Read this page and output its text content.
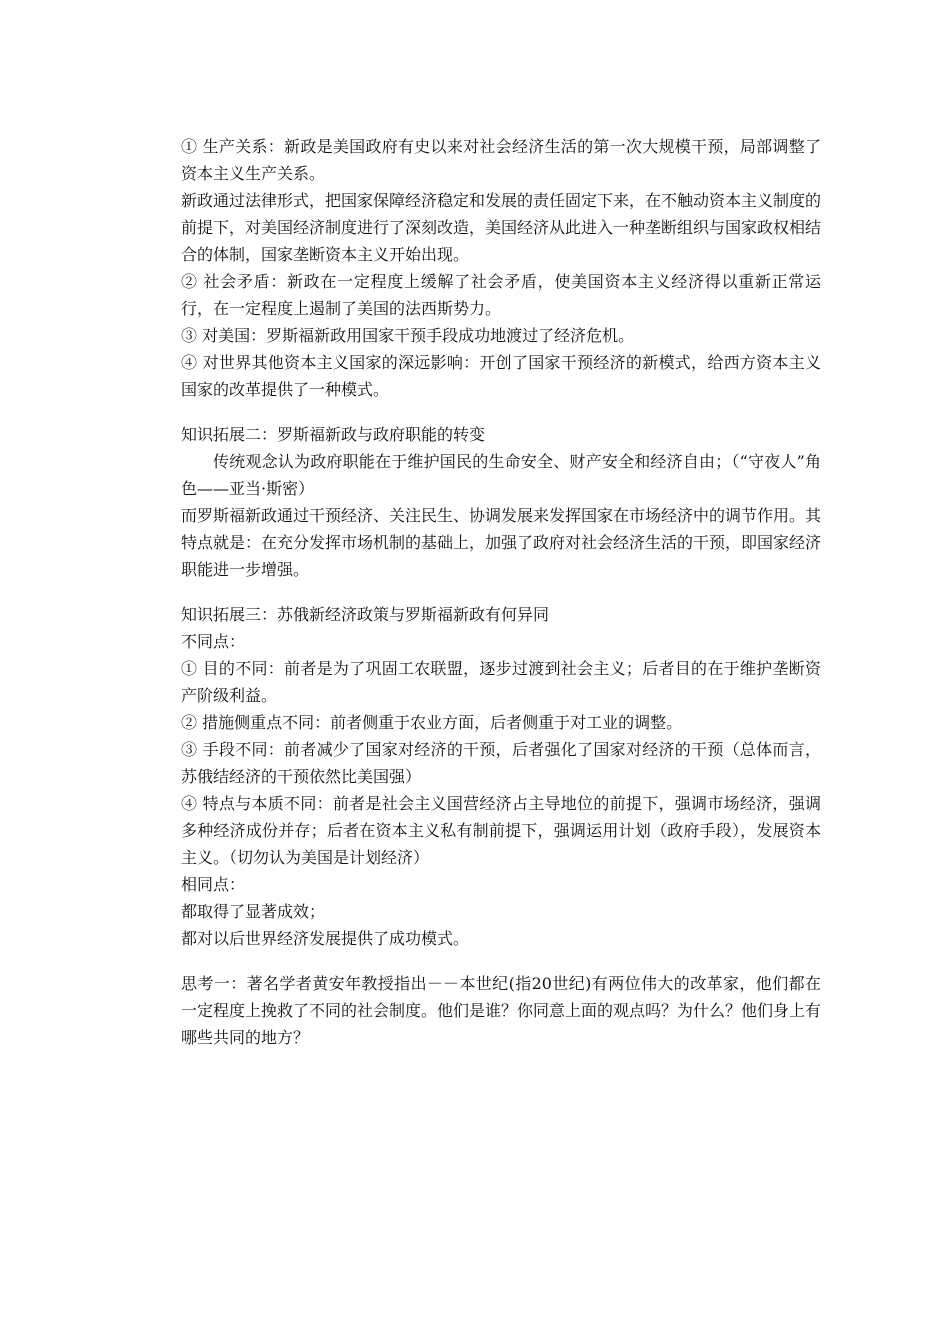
① 生产关系：新政是美国政府有史以来对社会经济生活的第一次大规模干预，局部调整了资本主义生产关系。

新政通过法律形式，把国家保障经济稳定和发展的责任固定下来，在不触动资本主义制度的前提下，对美国经济制度进行了深刻改造，美国经济从此进入一种垄断组织与国家政权相结合的体制，国家垄断资本主义开始出现。

② 社会矛盾：新政在一定程度上缓解了社会矛盾，使美国资本主义经济得以重新正常运行，在一定程度上遏制了美国的法西斯势力。

③ 对美国：罗斯福新政用国家干预手段成功地渡过了经济危机。

④ 对世界其他资本主义国家的深远影响：开创了国家干预经济的新模式，给西方资本主义国家的改革提供了一种模式。

知识拓展二：罗斯福新政与政府职能的转变

传统观念认为政府职能在于维护国民的生命安全、财产安全和经济自由；（“守夜人”角色——亚当·斯密）

而罗斯福新政通过干预经济、关注民生、协调发展来发挥国家在市场经济中的调节作用。其特点就是：在充分发挥市场机制的基础上，加强了政府对社会经济生活的干预，即国家经济职能进一步增强。

知识拓展三：苏俄新经济政策与罗斯福新政有何异同

不同点：

① 目的不同：前者是为了巩固工农联盟，逐步过渡到社会主义；后者目的在于维护垄断资产阶级利益。

② 措施侧重点不同：前者侧重于农业方面，后者侧重于对工业的调整。

③ 手段不同：前者减少了国家对经济的干预，后者强化了国家对经济的干预（总体而言，苏俄结经济的干预依然比美国强）

④ 特点与本质不同：前者是社会主义国营经济占主导地位的前提下，强调市场经济，强调多种经济成份并存；后者在资本主义私有制前提下，强调运用计划（政府手段），发展资本主义。（切勿认为美国是计划经济）

相同点：

都取得了显著成效；

都对以后世界经济发展提供了成功模式。

思考一：著名学者黄安年教授指出－－本世纪(指20世纪)有两位伟大的改革家，他们都在一定程度上挽救了不同的社会制度。他们是谁？你同意上面的观点吗？为什么？他们身上有哪些共同的地方？
